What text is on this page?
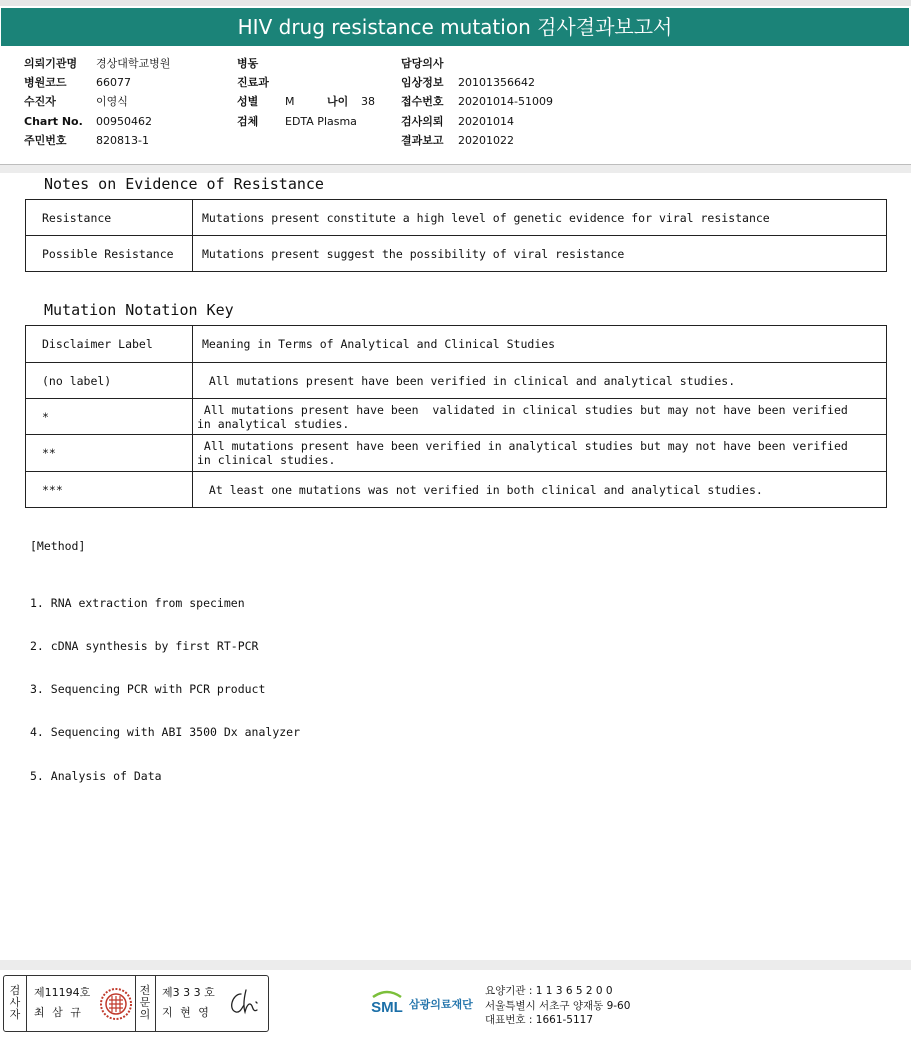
HIV drug resistance mutation 검사결과보고서
의뢰기관명 경상대학교병원
병원코드	66077
수진자	이영식
Chart No. 00950462
주민번호	820813-1
병동
진료과
성별 M	나이 38
검체 EDTA Plasma
담당의사
임상정보 20101356642
접수번호 20201014-51009
검사의뢰 20201014
결과보고 20201022
Notes on Evidence of Resistance
Resistance	Mutations present constitute a high level of genetic evidence for viral resistance
Possible Resistance	Mutations present suggest the possibility of viral resistance
Mutation Notation Key
Disclaimer Label	Meaning in Terms of Analytical and Clinical Studies
(no label)	All mutations present have been verified in clinical and analytical studies.
*	All mutations present have been  validated in clinical studies but may not have been verified
in analytical studies.
**	All mutations present have been verified in analytical studies but may not have been verified
in clinical studies.
***	At least one mutations was not verified in both clinical and analytical studies.
[Method]

1. RNA extraction from specimen

2. cDNA synthesis by first RT-PCR

3. Sequencing PCR with PCR product

4. Sequencing with ABI 3500 Dx analyzer

5. Analysis of Data

검
사
자
제11194호
최 삼 규
전
문
의
제3 3 3 호
지 현 영	SML 삼광의료재단
요양기관 : 1 1 3 6 5 2 0 0
서울특별시 서초구 양재동 9-60
대표번호 : 1661-5117
